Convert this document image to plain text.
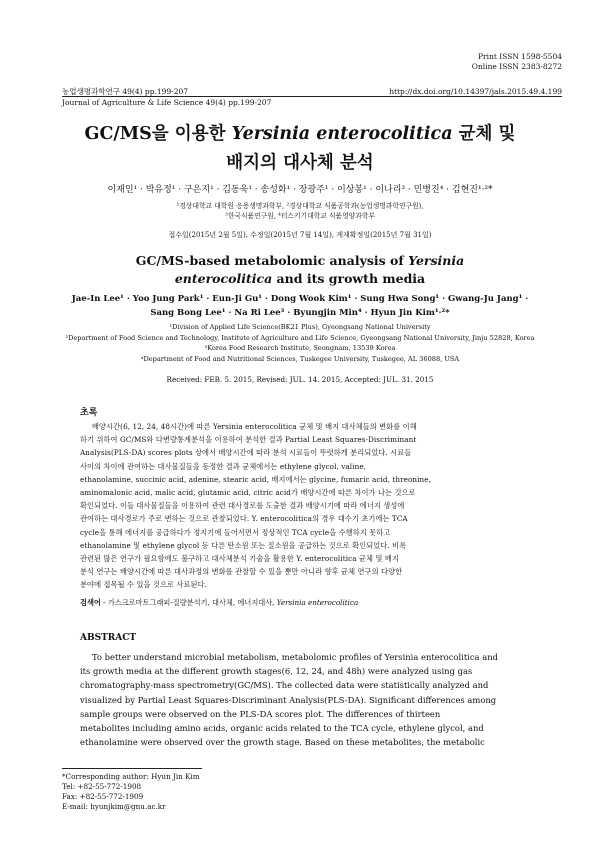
Print ISSN 1598-5504
Online ISSN 2383-8272
농업생명과학연구 49(4) pp.199-207	http://dx.doi.org/10.14397/jals.2015.49.4.199
Journal of Agriculture & Life Science 49(4) pp.199-207
GC/MS을 이용한 Yersinia enterocolitica 균체 및
배지의 대사체 분석
이재인¹ · 박유정¹ · 구은지¹ · 김동욱¹ · 송성화¹ · 장광주¹ · 이상봉¹ · 이나리³ · 민병진⁴ · 김현진¹·²*
¹경상대학교 대학원 응용생명과학부, ²경상대학교 식품공학과(농업생명과학연구원),
³한국식품연구원, ⁴터스키기대학교 식품영양과학부
접수일(2015년 2월 5일), 수정일(2015년 7월 14일), 게재확정일(2015년 7월 31일)
GC/MS-based metabolomic analysis of Yersinia
enterocolitica and its growth media
Jae-In Lee¹ · Yoo Jung Park¹ · Eun-Ji Gu¹ · Dong Wook Kim¹ · Sung Hwa Song¹ · Gwang-Ju Jang¹ ·
Sang Bong Lee¹ · Na Ri Lee³ · Byungjin Min⁴ · Hyun Jin Kim¹·²*
¹Division of Applied Life Science(BK21 Plus), Gyeongsang National University
²Department of Food Science and Technology, Institute of Agriculture and Life Science, Gyeongsang National University, Jinju 52828, Korea
³Korea Food Research Institute, Seongnam, 13539 Korea
⁴Department of Food and Nutritional Sciences, Tuskegee University, Tuskegee, AL 36088, USA
Received: FEB. 5. 2015, Revised: JUL. 14. 2015, Accepted: JUL. 31. 2015
초록
배양시간(6, 12, 24, 48시간)에 따른 Yersinia enterocolitica 균체 및 배지 대사체들의 변화를 이해
하기 위하여 GC/MS와 다변량통계분석을 이용하여 분석한 결과 Partial Least Squares-Discriminant
Analysis(PLS-DA) scores plots 상에서 배양시간에 따라 분석 시료들이 뚜렷하게 분리되었다. 시료들
사이의 차이에 관여하는 대사물질들을 동정한 결과 균체에서는 ethylene glycol, valine,
ethanolamine, succinic acid, adenine, stearic acid, 배지에서는 glycine, fumaric acid, threonine,
aminomalonic acid, malic acid, glutamic acid, citric acid가 배양시간에 따른 차이가 나는 것으로
확인되었다. 이들 대사물질들을 이용하여 관련 대사경로를 도출한 결과 배양시기에 따라 에너지 생성에
관여하는 대사경로가 주로 변하는 것으로 관찰되었다. Y. enterocolitica의 경우 대수기 초기에는 TCA
cycle을 통해 에너지를 공급하다가 정지기에 들어서면서 정상적인 TCA cycle을 수행하지 못하고
ethanolamine 및 ethylene glycol 등 다른 탄소원 또는 질소원을 공급하는 것으로 확인되었다. 비록
관련된 많은 연구가 필요함에도 불구하고 대사체분석 기술을 활용한 Y. enterocolitica 균체 및 배지
분석 연구는 배양시간에 따른 대사과정의 변화를 관찰할 수 있을 뿐만 아니라 향후 균체 연구의 다양한
분야에 접목될 수 있을 것으로 사료된다.
검색어 - 가스크로마토그래피-질량분석기, 대사체, 에너지대사, Yersinia enterocolitica
ABSTRACT
To better understand microbial metabolism, metabolomic profiles of Yersinia enterocolitica and
its growth media at the different growth stages(6, 12, 24, and 48h) were analyzed using gas
chromatography-mass spectrometry(GC/MS). The collected data were statistically analyzed and
visualized by Partial Least Squares-Discriminant Analysis(PLS-DA). Significant differences among
sample groups were observed on the PLS-DA scores plot. The differences of thirteen
metabolites including amino acids, organic acids related to the TCA cycle, ethylene glycol, and
ethanolamine were observed over the growth stage. Based on these metabolites, the metabolic
*Corresponding author: Hyun Jin Kim
Tel: +82-55-772-1908
Fax: +82-55-772-1909
E-mail: hyunjkim@gnu.ac.kr
